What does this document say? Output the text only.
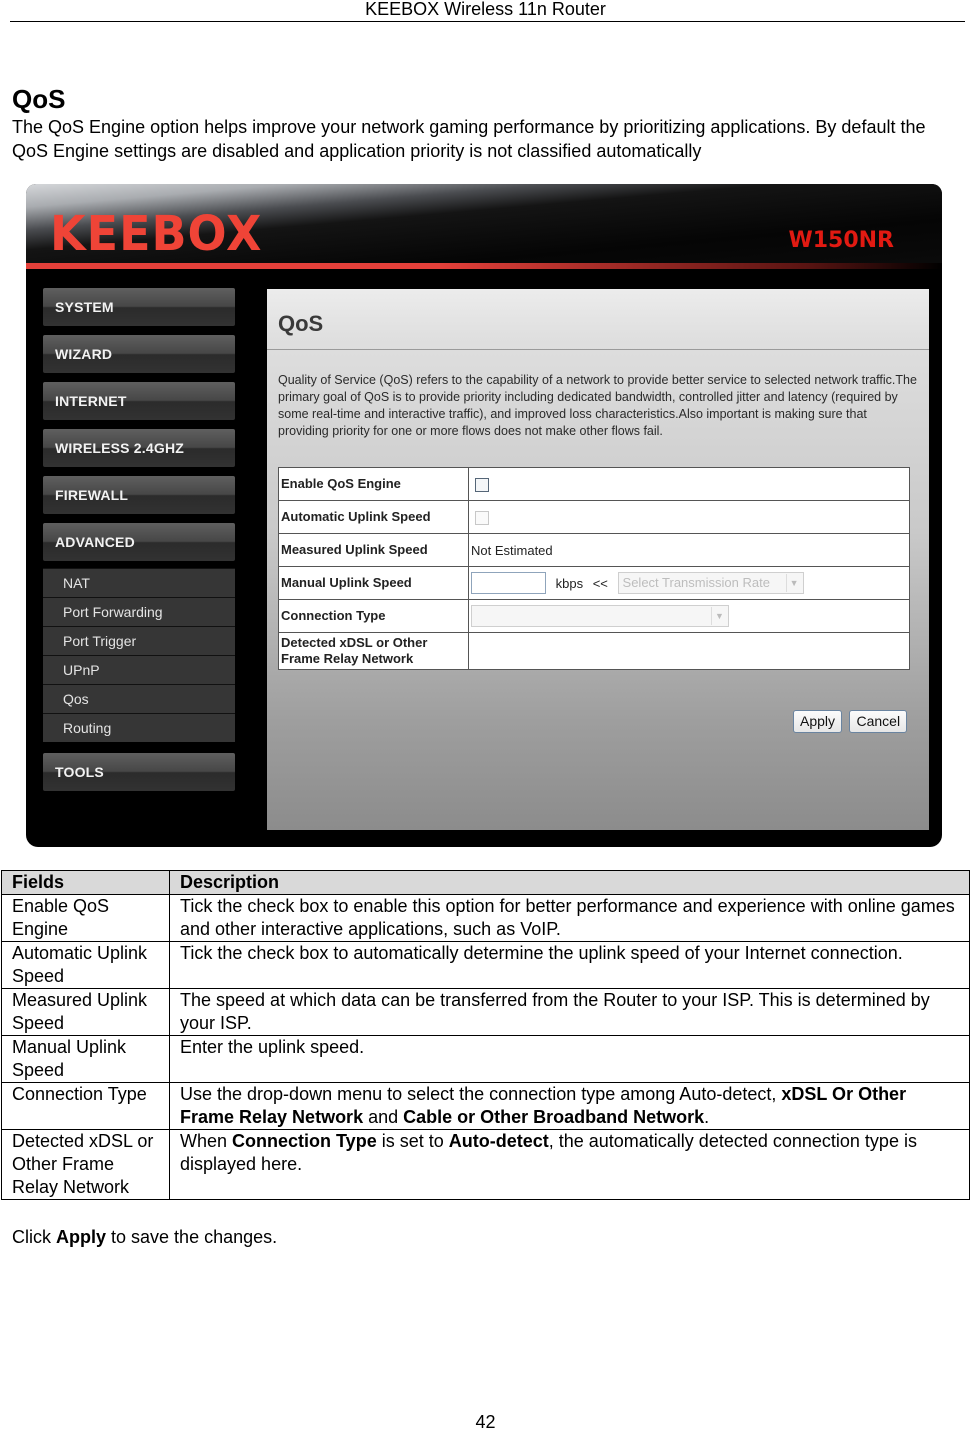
KEEBOX Wireless 11n Router
QoS
The QoS Engine option helps improve your network gaming performance by prioritizing applications. By default the QoS Engine settings are disabled and application priority is not classified automatically
KEEBOX	W150NR
SYSTEM
WIZARD
INTERNET
WIRELESS 2.4GHZ
FIREWALL
ADVANCED
NAT
Port Forwarding
Port Trigger
UPnP
Qos
Routing
TOOLS
QoS
Quality of Service (QoS) refers to the capability of a network to provide better service to selected network traffic.The primary goal of QoS is to provide priority including dedicated bandwidth, controlled jitter and latency (required by some real-time and interactive traffic), and improved loss characteristics.Also important is making sure that providing priority for one or more flows does not make other flows fail.
Enable QoS Engine	
Automatic Uplink Speed	
Measured Uplink Speed	Not Estimated
Manual Uplink Speed	kbps << Select Transmission Rate ▼

Connection Type	▼

Detected xDSL or Other Frame Relay Network	
Apply Cancel
Fields	Description
Enable QoS Engine	Tick the check box to enable this option for better performance and experience with online games and other interactive applications, such as VoIP.
Automatic Uplink Speed	Tick the check box to automatically determine the uplink speed of your Internet connection.
Measured Uplink Speed	The speed at which data can be transferred from the Router to your ISP. This is determined by your ISP.
Manual Uplink Speed	Enter the uplink speed.
Connection Type	Use the drop-down menu to select the connection type among Auto-detect, xDSL Or Other Frame Relay Network and Cable or Other Broadband Network.
Detected xDSL or Other Frame Relay Network	When Connection Type is set to Auto-detect, the automatically detected connection type is displayed here.
Click Apply to save the changes.
42
